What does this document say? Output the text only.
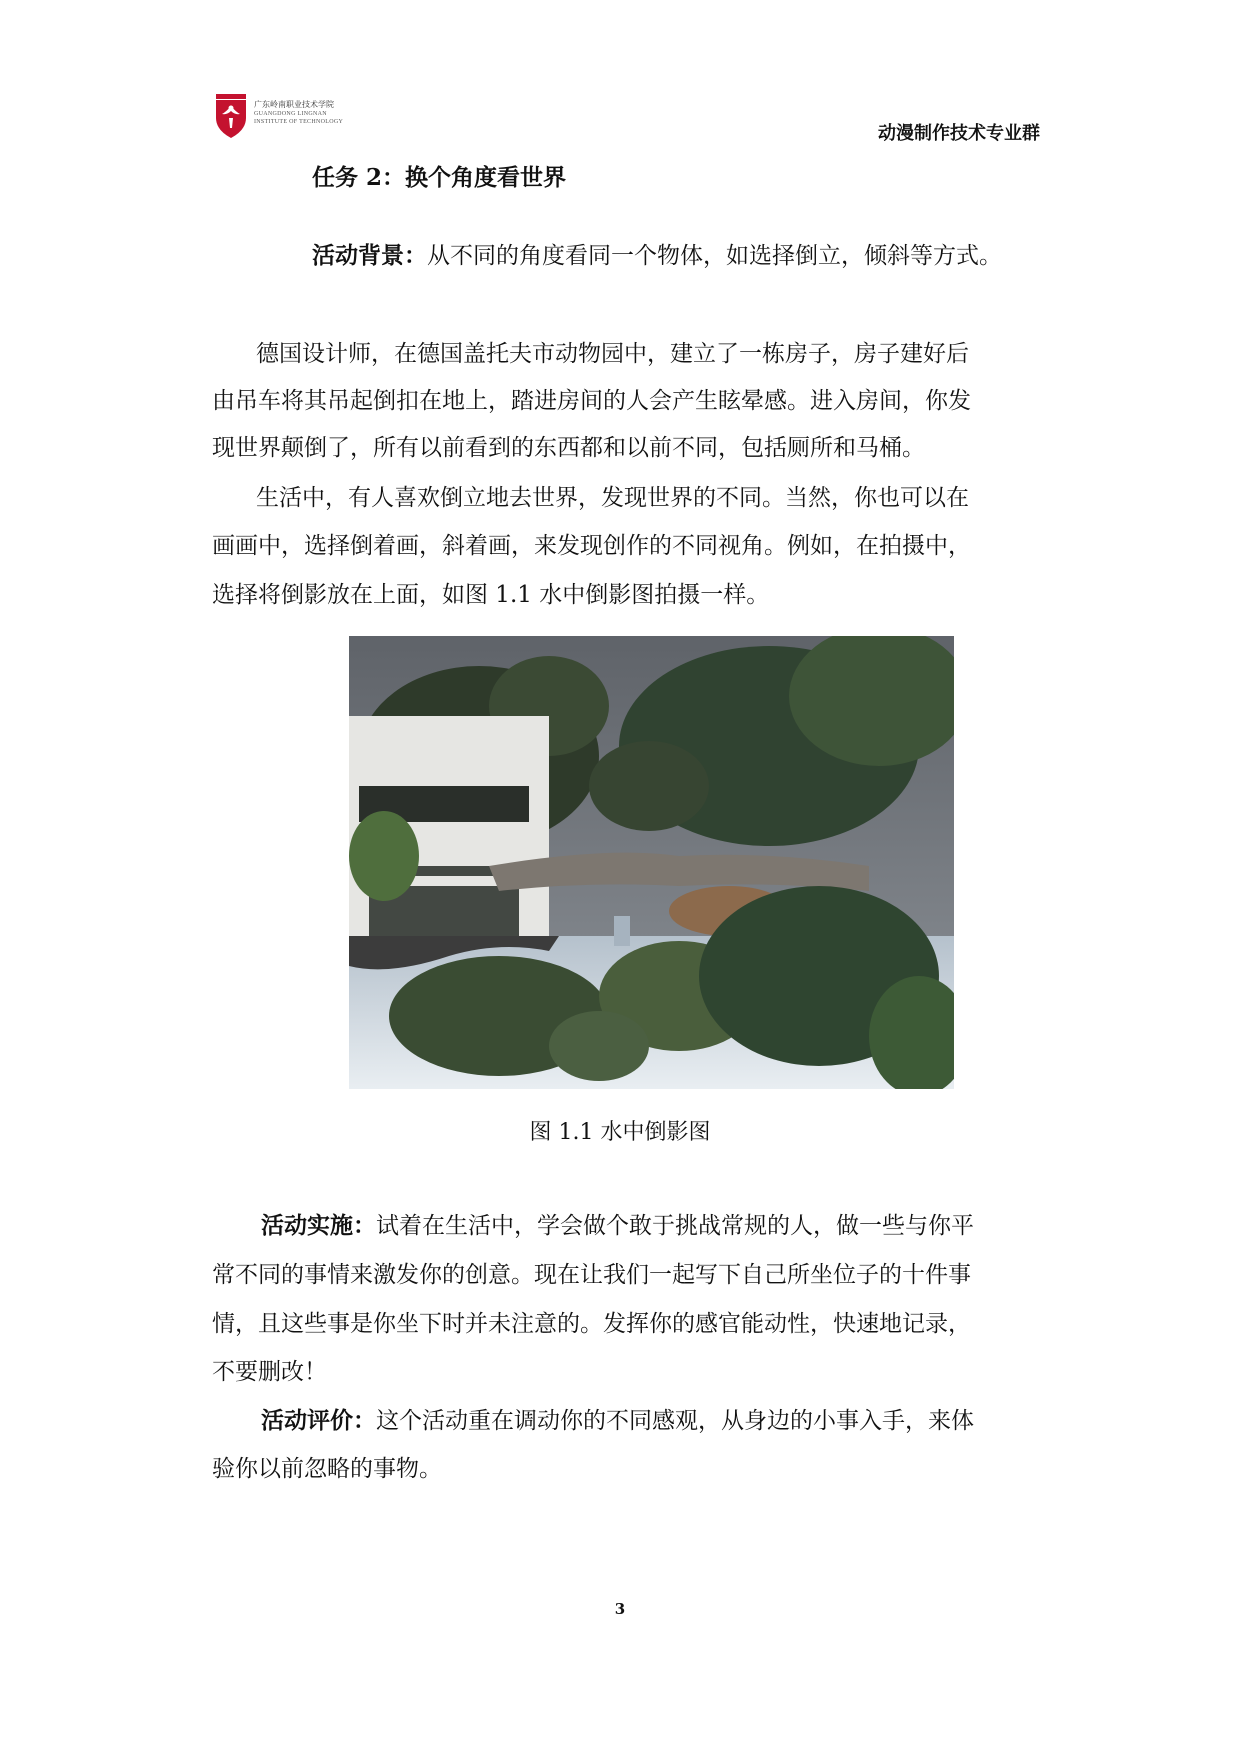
广东岭南职业技术学院
GUANGDONG LINGNAN
INSTITUTE OF TECHNOLOGY
动漫制作技术专业群
任务 2：换个角度看世界
活动背景：从不同的角度看同一个物体，如选择倒立，倾斜等方式。
德国设计师，在德国盖托夫市动物园中，建立了一栋房子，房子建好后
由吊车将其吊起倒扣在地上，踏进房间的人会产生眩晕感。进入房间，你发
现世界颠倒了，所有以前看到的东西都和以前不同，包括厕所和马桶。
生活中，有人喜欢倒立地去世界，发现世界的不同。当然，你也可以在
画画中，选择倒着画，斜着画，来发现创作的不同视角。例如，在拍摄中，
选择将倒影放在上面，如图 1.1 水中倒影图拍摄一样。
图 1.1 水中倒影图
活动实施：试着在生活中，学会做个敢于挑战常规的人，做一些与你平
常不同的事情来激发你的创意。现在让我们一起写下自己所坐位子的十件事
情，且这些事是你坐下时并未注意的。发挥你的感官能动性，快速地记录，
不要删改！
活动评价：这个活动重在调动你的不同感观，从身边的小事入手，来体
验你以前忽略的事物。
3
